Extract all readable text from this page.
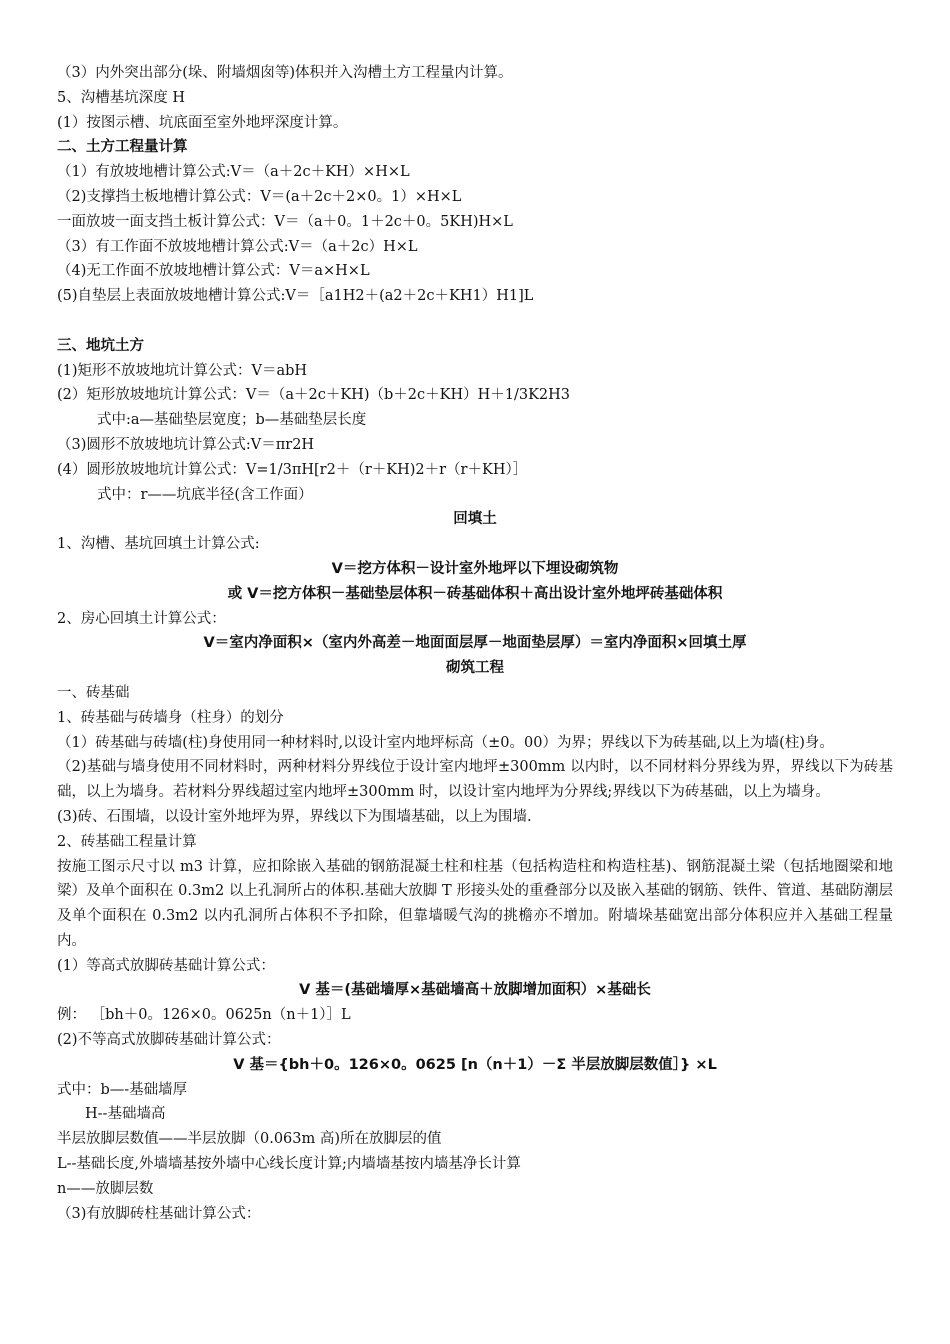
（3）内外突出部分(垛、附墙烟囱等)体积并入沟槽土方工程量内计算。
5、沟槽基坑深度 H
(1）按图示槽、坑底面至室外地坪深度计算。
二、土方工程量计算
（1）有放坡地槽计算公式:V＝（a＋2c＋KH）×H×L
（2)支撑挡土板地槽计算公式：V＝(a＋2c＋2×0。1）×H×L
一面放坡一面支挡土板计算公式：V＝（a＋0。1＋2c＋0。5KH)H×L
（3）有工作面不放坡地槽计算公式:V＝（a＋2c）H×L
（4)无工作面不放坡地槽计算公式：V＝a×H×L
(5)自垫层上表面放坡地槽计算公式:V＝［a1H2＋(a2＋2c＋KH1）H1]L
三、地坑土方
(1)矩形不放坡地坑计算公式：V＝abH
(2）矩形放坡地坑计算公式：V＝（a＋2c＋KH)（b＋2c＋KH）H＋1/3K2H3
式中:a—基础垫层宽度；b—基础垫层长度
（3)圆形不放坡地坑计算公式:V＝πr2H
(4）圆形放坡地坑计算公式：V=1/3πH[r2＋（r＋KH)2＋r（r＋KH）］
式中：r——坑底半径(含工作面）
回填土
1、沟槽、基坑回填土计算公式:
V＝挖方体积－设计室外地坪以下埋设砌筑物
或 V＝挖方体积－基础垫层体积－砖基础体积＋高出设计室外地坪砖基础体积
2、房心回填土计算公式：
V＝室内净面积×（室内外高差－地面面层厚－地面垫层厚）＝室内净面积×回填土厚
砌筑工程
一、砖基础
1、砖基础与砖墙身（柱身）的划分
（1）砖基础与砖墙(柱)身使用同一种材料时,以设计室内地坪标高（±0。00）为界；界线以下为砖基础,以上为墙(柱)身。
（2)基础与墙身使用不同材料时，两种材料分界线位于设计室内地坪±300mm 以内时，以不同材料分界线为界，界线以下为砖基础，以上为墙身。若材料分界线超过室内地坪±300mm 时，以设计室内地坪为分界线;界线以下为砖基础，以上为墙身。
(3)砖、石围墙，以设计室外地坪为界，界线以下为围墙基础，以上为围墙.
2、砖基础工程量计算
按施工图示尺寸以 m3 计算，应扣除嵌入基础的钢筋混凝土柱和柱基（包括构造柱和构造柱基)、钢筋混凝土梁（包括地圈梁和地梁）及单个面积在 0.3m2 以上孔洞所占的体积.基础大放脚 T 形接头处的重叠部分以及嵌入基础的钢筋、铁件、管道、基础防潮层及单个面积在 0.3m2 以内孔洞所占体积不予扣除，但靠墙暖气沟的挑檐亦不增加。附墙垛基础宽出部分体积应并入基础工程量内。
(1）等高式放脚砖基础计算公式：
V 基＝(基础墙厚×基础墙高＋放脚增加面积）×基础长
例： ［bh＋0。126×0。0625n（n＋1）］L
(2)不等高式放脚砖基础计算公式：
V 基＝{bh＋0。126×0。0625 [n（n＋1）－Σ 半层放脚层数值］} ×L
式中：b—-基础墙厚
H--基础墙高
半层放脚层数值——半层放脚（0.063m 高)所在放脚层的值
L--基础长度,外墙墙基按外墙中心线长度计算;内墙墙基按内墙基净长计算
n——放脚层数
（3)有放脚砖柱基础计算公式：
